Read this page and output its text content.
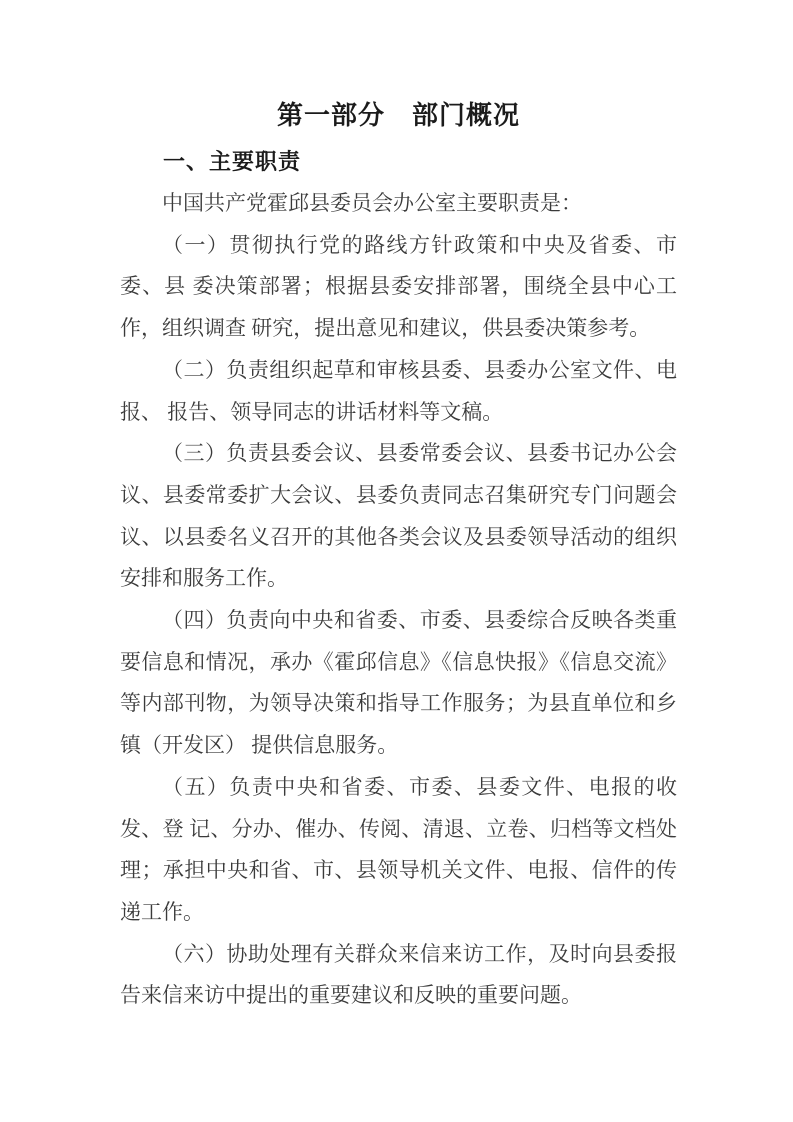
第一部分　部门概况
一、主要职责

中国共产党霍邱县委员会办公室主要职责是：

（一）贯彻执行党的路线方针政策和中央及省委、市委、县 委决策部署；根据县委安排部署，围绕全县中心工作，组织调查 研究，提出意见和建议，供县委决策参考。

（二）负责组织起草和审核县委、县委办公室文件、电报、 报告、领导同志的讲话材料等文稿。

（三）负责县委会议、县委常委会议、县委书记办公会议、县委常委扩大会议、县委负责同志召集研究专门问题会议、以县委名义召开的其他各类会议及县委领导活动的组织安排和服务工作。

（四）负责向中央和省委、市委、县委综合反映各类重要信息和情况，承办《霍邱信息》《信息快报》《信息交流》等内部刊物，为领导决策和指导工作服务；为县直单位和乡镇（开发区） 提供信息服务。

（五）负责中央和省委、市委、县委文件、电报的收发、登 记、分办、催办、传阅、清退、立卷、归档等文档处理；承担中央和省、市、县领导机关文件、电报、信件的传递工作。

（六）协助处理有关群众来信来访工作，及时向县委报告来信来访中提出的重要建议和反映的重要问题。
